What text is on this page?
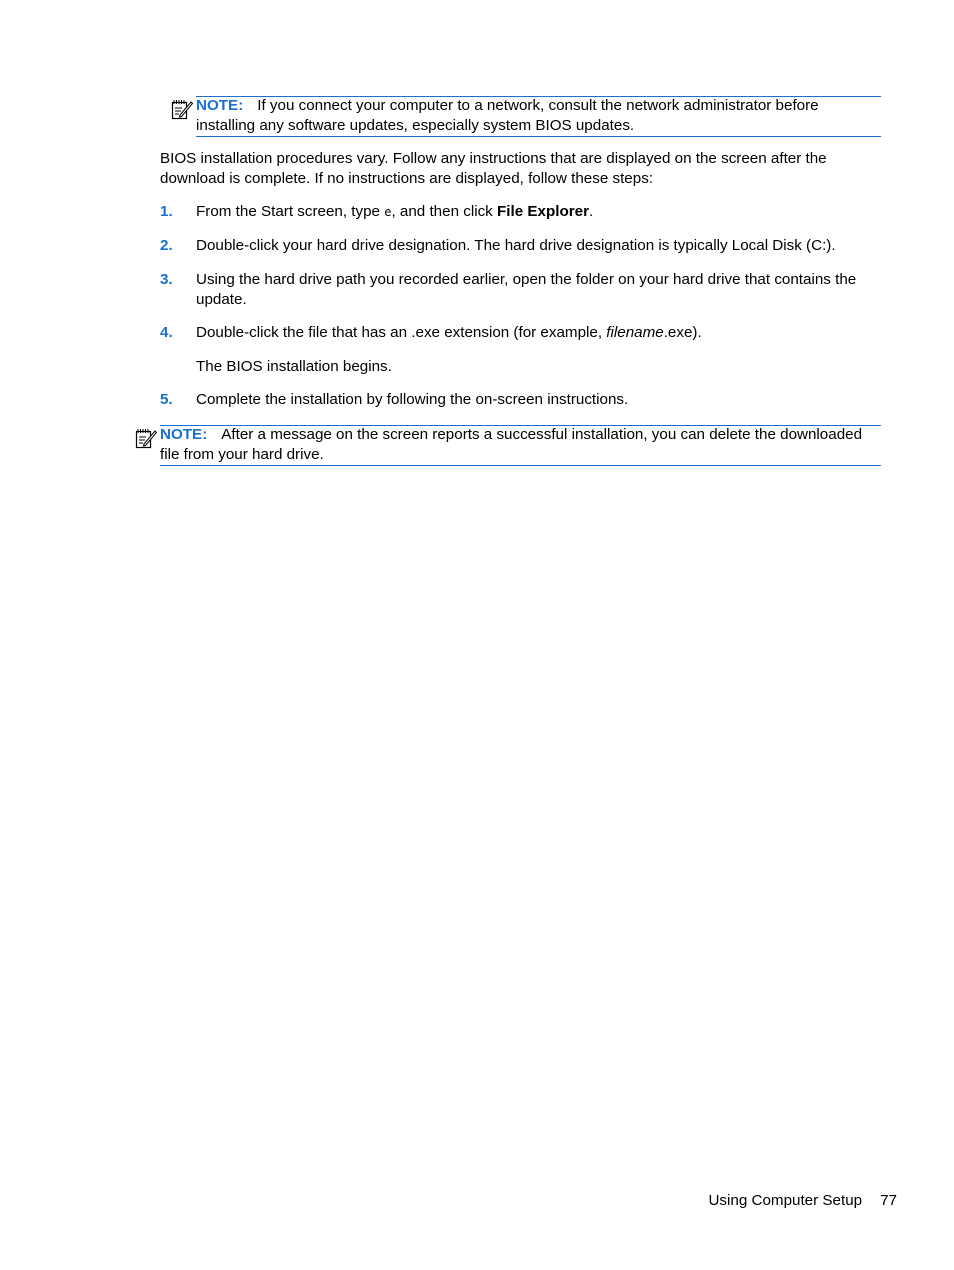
NOTE: If you connect your computer to a network, consult the network administrator before installing any software updates, especially system BIOS updates.
BIOS installation procedures vary. Follow any instructions that are displayed on the screen after the download is complete. If no instructions are displayed, follow these steps:
1.	From the Start screen, type e, and then click File Explorer.
2.	Double-click your hard drive designation. The hard drive designation is typically Local Disk (C:).
3.	Using the hard drive path you recorded earlier, open the folder on your hard drive that contains the update.
4.	Double-click the file that has an .exe extension (for example, filename.exe).
The BIOS installation begins.
5.	Complete the installation by following the on-screen instructions.
NOTE: After a message on the screen reports a successful installation, you can delete the downloaded file from your hard drive.
Using Computer Setup 77
